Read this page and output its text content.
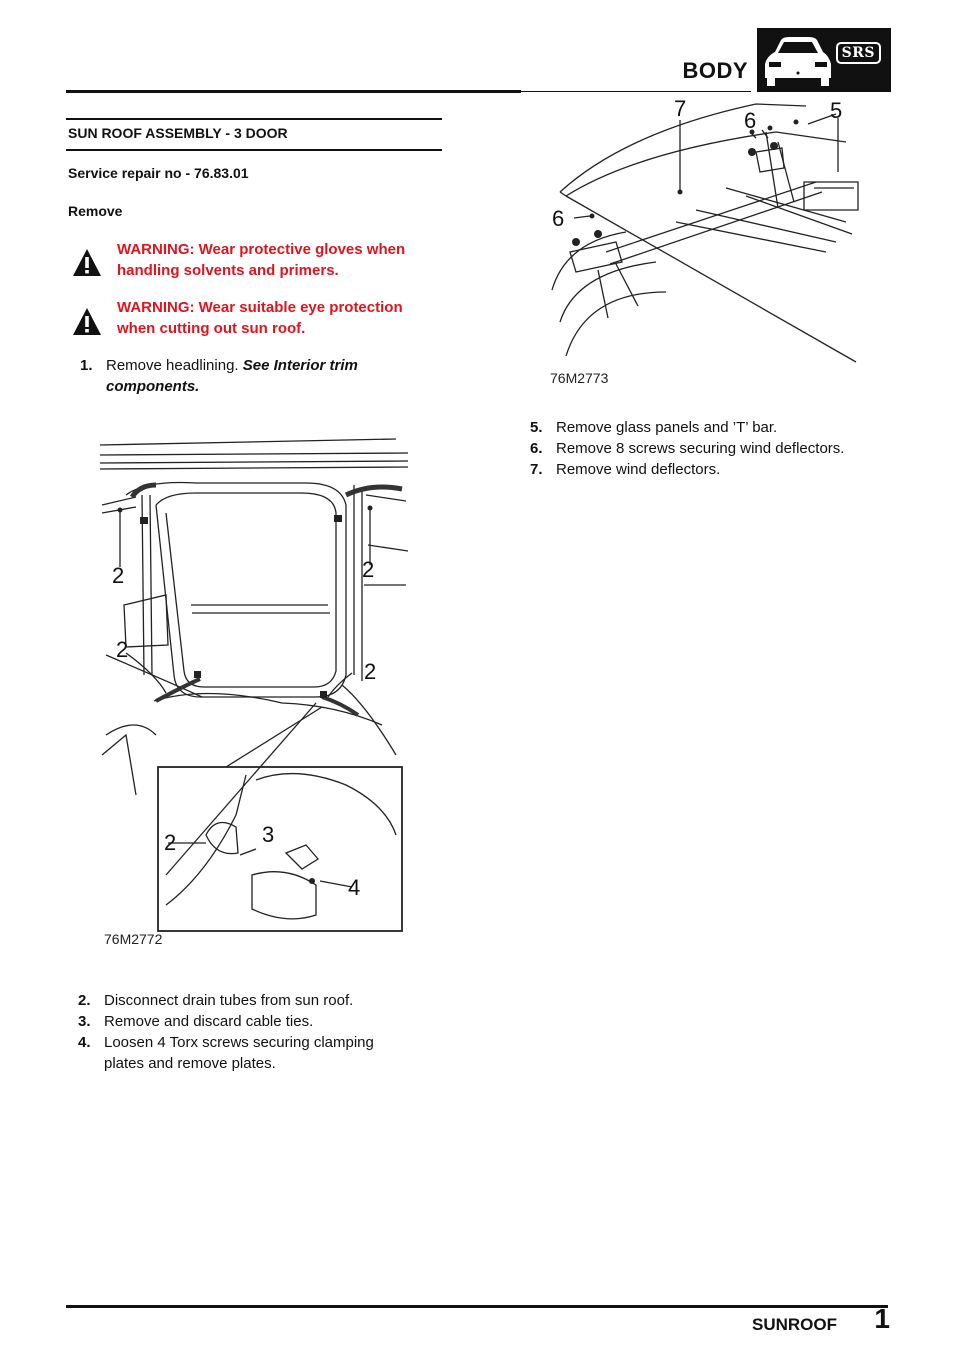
BODY
SRS
SUN ROOF ASSEMBLY - 3 DOOR
Service repair no - 76.83.01
Remove
WARNING: Wear protective gloves when
handling solvents and primers.
WARNING: Wear suitable eye protection
when cutting out sun roof.
1. Remove headlining. See Interior trim
components.
2	2
2
2
2	3
4
76M2772
2. Disconnect drain tubes from sun roof.
3. Remove and discard cable ties.
4. Loosen 4 Torx screws securing clamping
plates and remove plates.
7	6	5
6
76M2773
5. Remove glass panels and ’T’ bar.
6. Remove 8 screws securing wind deflectors.
7. Remove wind deflectors.
SUNROOF 1
